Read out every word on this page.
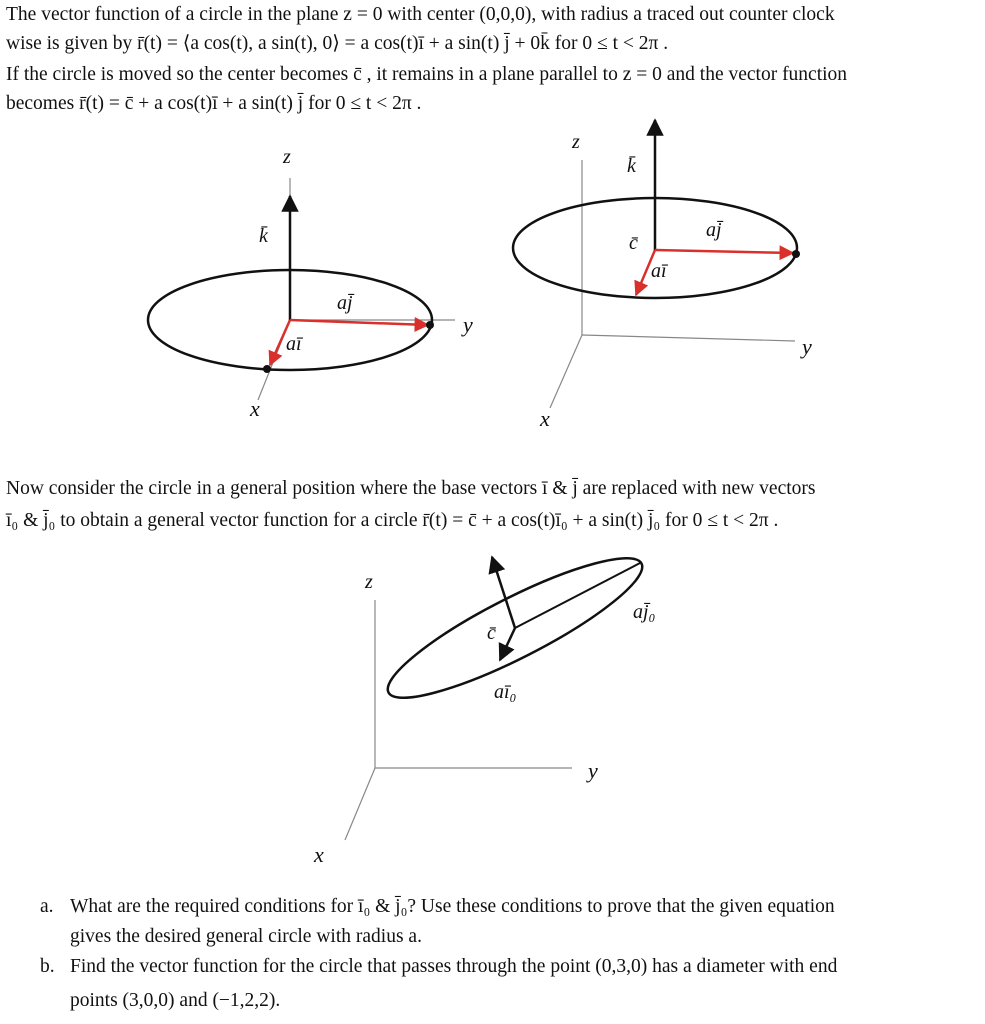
The vector function of a circle in the plane z = 0 with center (0,0,0), with radius a traced out counter clock
wise is given by r̄(t) = ⟨a cos(t), a sin(t), 0⟩ = a cos(t)ī + a sin(t) j̄ + 0k̄ for 0 ≤ t < 2π .
If the circle is moved so the center becomes c̄ , it remains in a plane parallel to z = 0 and the vector function
becomes r̄(t) = c̄ + a cos(t)ī + a sin(t) j̄ for 0 ≤ t < 2π .
Now consider the circle in a general position where the base vectors ī & j̄ are replaced with new vectors
ī₀ & j̄₀ to obtain a general vector function for a circle r̄(t) = c̄ + a cos(t)ī₀ + a sin(t) j̄₀ for 0 ≤ t < 2π .
a. What are the required conditions for ī₀ & j̄₀? Use these conditions to prove that the given equation
gives the desired general circle with radius a.
b. Find the vector function for the circle that passes through the point (0,3,0) has a diameter with end
points (3,0,0) and (−1,2,2).
z
k̄
aj̄
aī
y
x
z
k̄
c̄
aj̄
aī
y
x
z
c̄
aj̄₀
aī₀
y
x
